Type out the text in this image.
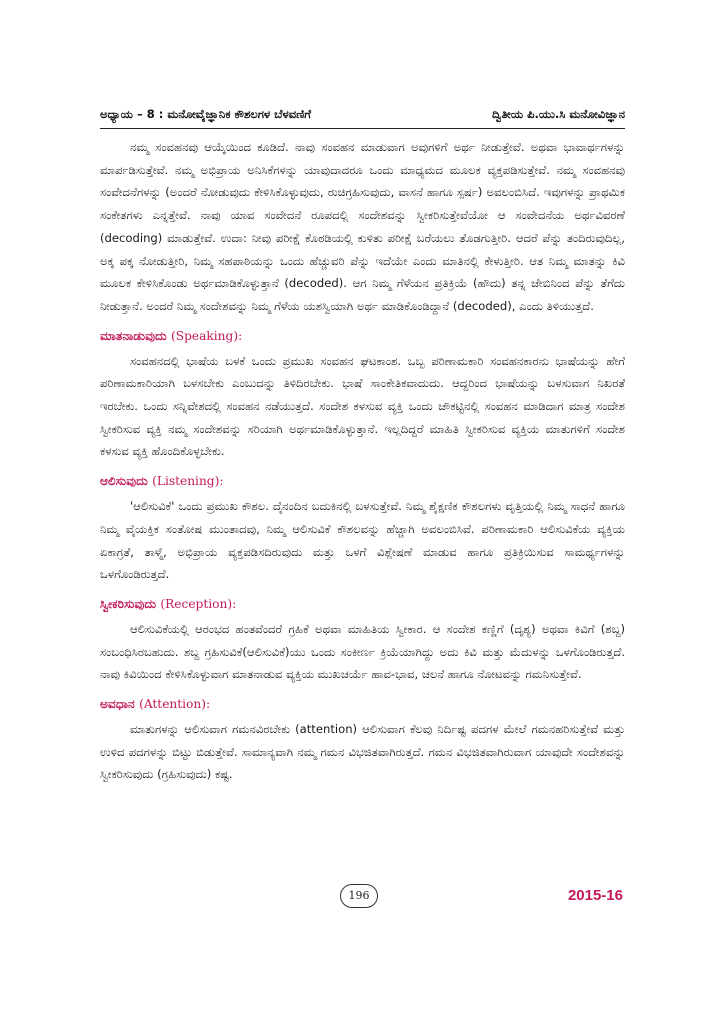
ಅಧ್ಯಾಯ – 8 : ಮನೋವೈಜ್ಞಾನಿಕ ಕೌಶಲಗಳ ಬೆಳವಣಿಗೆ	ದ್ವಿತೀಯ ಪಿ.ಯು.ಸಿ ಮನೋವಿಜ್ಞಾನ

ನಮ್ಮ ಸಂವಹನವು ಆಯ್ಕೆಯಿಂದ ಕೂಡಿದೆ. ನಾವು ಸಂವಹನ ಮಾಡುವಾಗ ಅವುಗಳಿಗೆ ಅರ್ಥ ನೀಡುತ್ತೇವೆ. ಅಥವಾ ಭಾವಾರ್ಥಗಳನ್ನು ಮಾರ್ಪಡಿಸುತ್ತೇವೆ. ನಮ್ಮ ಅಭಿಪ್ರಾಯ ಅನಿಸಿಕೆಗಳನ್ನು ಯಾವುದಾದರೂ ಒಂದು ಮಾಧ್ಯಮದ ಮೂಲಕ ವ್ಯಕ್ತಪಡಿಸುತ್ತೇವೆ. ನಮ್ಮ ಸಂವಹನವು ಸಂವೇದನೆಗಳನ್ನು (ಅಂದರೆ ನೋಡುವುದು ಕೇಳಿಸಿಕೊಳ್ಳುವುದು, ರುಚಿಗ್ರಹಿಸುವುದು, ವಾಸನೆ ಹಾಗೂ ಸ್ಪರ್ಷ) ಅವಲಂಬಿಸಿದೆ. ಇವುಗಳನ್ನು ಪ್ರಾಥಮಿಕ ಸಂಕೇತಗಳು ಎನ್ನತ್ತೇವೆ. ನಾವು ಯಾವ ಸಂವೇದನೆ ರೂಪದಲ್ಲಿ ಸಂದೇಶವನ್ನು ಸ್ವೀಕರಿಸುತ್ತೇವೆಯೋ ಆ ಸಂವೇದನೆಯ ಅರ್ಥವಿವರಣೆ (decoding) ಮಾಡುತ್ತೇವೆ. ಉದಾ: ನೀವು ಪರೀಕ್ಷೆ ಕೊಠಡಿಯಲ್ಲಿ ಕುಳಿತು ಪರೀಕ್ಷೆ ಬರೆಯಲು ತೊಡಗುತ್ತೀರಿ. ಆದರೆ ಪೆನ್ನು ತಂದಿರುವುದಿಲ್ಲ, ಅಕ್ಕ ಪಕ್ಕ ನೋಡುತ್ತೀರಿ, ನಿಮ್ಮ ಸಹಪಾಠಿಯನ್ನು ಒಂದು ಹೆಚ್ಚುವರಿ ಪೆನ್ನು ಇದೆಯೇ ಎಂದು ಮಾತಿನಲ್ಲಿ ಕೇಳುತ್ತೀರಿ. ಆತ ನಿಮ್ಮ ಮಾತನ್ನು ಕಿವಿ ಮೂಲಕ ಕೇಳಿಸಿಕೊಂಡು ಅರ್ಥಮಾಡಿಕೊಳ್ಳುತ್ತಾನೆ (decoded). ಆಗ ನಿಮ್ಮ ಗೆಳೆಯನ ಪ್ರತಿಕ್ರಿಯೆ (ಹೌದು) ತನ್ನ ಜೇಬಿನಿಂದ ಪೆನ್ನು ತೆಗೆದು ನೀಡುತ್ತಾನೆ. ಅಂದರೆ ನಿಮ್ಮ ಸಂದೇಶವನ್ನು ನಿಮ್ಮ ಗೆಳೆಯ ಯಶಸ್ವಿಯಾಗಿ ಅರ್ಥ ಮಾಡಿಕೊಂಡಿದ್ದಾನೆ (decoded), ಎಂದು ತಿಳಿಯುತ್ತದೆ.

ಮಾತನಾಡುವುದು (Speaking):

ಸಂವಹನದಲ್ಲಿ ಭಾಷೆಯ ಬಳಕೆ ಒಂದು ಪ್ರಮುಖ ಸಂವಹನ ಘಟಕಾಂಶ. ಒಬ್ಬ ಪರಿಣಾಮಕಾರಿ ಸಂವಹನಕಾರನು ಭಾಷೆಯನ್ನು ಹೇಗೆ ಪರಿಣಾಮಕಾರಿಯಾಗಿ ಬಳಸಬೇಕು ಎಂಬುದನ್ನು ತಿಳಿದಿರಬೇಕು. ಭಾಷೆ ಸಾಂಕೇತಿಕವಾದುದು. ಆದ್ದರಿಂದ ಭಾಷೆಯನ್ನು ಬಳಸುವಾಗ ನಿಖರತೆ ಇರಬೇಕು. ಒಂದು ಸನ್ನಿವೇಶದಲ್ಲಿ ಸಂವಹನ ನಡೆಯುತ್ತದೆ. ಸಂದೇಶ ಕಳಸುವ ವ್ಯಕ್ತಿ ಒಂದು ಚೌಕಟ್ಟಿನಲ್ಲಿ ಸಂವಹನ ಮಾಡಿದಾಗ ಮಾತ್ರ ಸಂದೇಶ ಸ್ವೀಕರಿಸುವ ವ್ಯಕ್ತಿ ನಮ್ಮ ಸಂದೇಶವನ್ನು ಸರಿಯಾಗಿ ಅರ್ಥಮಾಡಿಕೊಳ್ಳುತ್ತಾನೆ. ಇಲ್ಲದಿದ್ದರೆ ಮಾಹಿತಿ ಸ್ವೀಕರಿಸುವ ವ್ಯಕ್ತಿಯ ಮಾತುಗಳಿಗೆ ಸಂದೇಶ ಕಳಸುವ ವ್ಯಕ್ತಿ ಹೊಂದಿಕೊಳ್ಳಬೇಕು.

ಆಲಿಸುವುದು (Listening):

'ಆಲಿಸುವಿಕೆ' ಒಂದು ಪ್ರಮುಖ ಕೌಶಲ. ದೈನಂದಿನ ಬದುಕಿನಲ್ಲಿ ಬಳಸುತ್ತೇವೆ. ನಿಮ್ಮ ಶೈಕ್ಷಣಿಕ ಕೌಶಲಗಳು ವೃತ್ತಿಯಲ್ಲಿ ನಿಮ್ಮ ಸಾಧನೆ ಹಾಗೂ ನಿಮ್ಮ ವೈಯಕ್ತಿಕ ಸಂತೋಷ ಮುಂತಾದವು, ನಿಮ್ಮ ಆಲಿಸುವಿಕೆ ಕೌಶಲವನ್ನು ಹೆಚ್ಚಾಗಿ ಅವಲಂಬಿಸಿವೆ. ಪರಿಣಾಮಕಾರಿ ಆಲಿಸುವಿಕೆಯ ವ್ಯಕ್ತಿಯ ಏಕಾಗ್ರತೆ, ತಾಳ್ಮೆ, ಅಭಿಪ್ರಾಯ ವ್ಯಕ್ತಪಡಿಸದಿರುವುದು ಮತ್ತು ಒಳಗೆ ವಿಶ್ಲೇಷಣೆ ಮಾಡುವ ಹಾಗೂ ಪ್ರತಿಕ್ರಿಯಿಸುವ ಸಾಮರ್ಥ್ಯಗಳನ್ನು ಒಳಗೊಂಡಿರುತ್ತದೆ.

ಸ್ವೀಕರಿಸುವುದು (Reception):

ಆಲಿಸುವಿಕೆಯಲ್ಲಿ ಆರಂಭದ ಹಂತವೆಂದರೆ ಗ್ರಹಿಕೆ ಅಥವಾ ಮಾಹಿತಿಯ ಸ್ವೀಕಾರ. ಆ ಸಂದೇಶ ಕಣ್ಣಿಗೆ (ದೃಶ್ಯ) ಅಥವಾ ಕಿವಿಗೆ (ಶಬ್ದ) ಸಂಬಂಧಿಸಿರಬಹುದು. ಶಬ್ದ ಗ್ರಹಿಸುವಿಕೆ(ಆಲಿಸುವಿಕೆ)ಯು ಒಂದು ಸಂಕೀರ್ಣ ಕ್ರಿಯೆಯಾಗಿದ್ದು ಅದು ಕಿವಿ ಮತ್ತು ಮೆದುಳನ್ನು ಒಳಗೊಂಡಿರುತ್ತದೆ. ನಾವು ಕಿವಿಯಿಂದ ಕೇಳಿಸಿಕೊಳ್ಳುವಾಗ ಮಾತನಾಡುವ ವ್ಯಕ್ತಿಯ ಮುಖಚರ್ಯೆ ಹಾವ-ಭಾವ, ಚಲನೆ ಹಾಗೂ ನೋಟವನ್ನು ಗಮನಿಸುತ್ತೇವೆ.

ಅವಧಾನ (Attention):

ಮಾತುಗಳನ್ನು ಆಲಿಸುವಾಗ ಗಮನವಿರಬೇಕು (attention) ಆಲಿಸುವಾಗ ಕೆಲವು ನಿರ್ದಿಷ್ಟ ಪದಗಳ ಮೇಲೆ ಗಮನಹರಿಸುತ್ತೇವೆ ಮತ್ತು ಉಳಿದ ಪದಗಳನ್ನು ಬಿಟ್ಟು ಬಿಡುತ್ತೇವೆ. ಸಾಮಾನ್ಯವಾಗಿ ನಮ್ಮ ಗಮನ ವಿಭಜಿತವಾಗಿರುತ್ತದೆ. ಗಮನ ವಿಭಜಿತವಾಗಿರುವಾಗ ಯಾವುದೇ ಸಂದೇಶವನ್ನು ಸ್ವೀಕರಿಸುವುದು (ಗ್ರಹಿಸುವುದು) ಕಷ್ಟ.

196	2015-16
